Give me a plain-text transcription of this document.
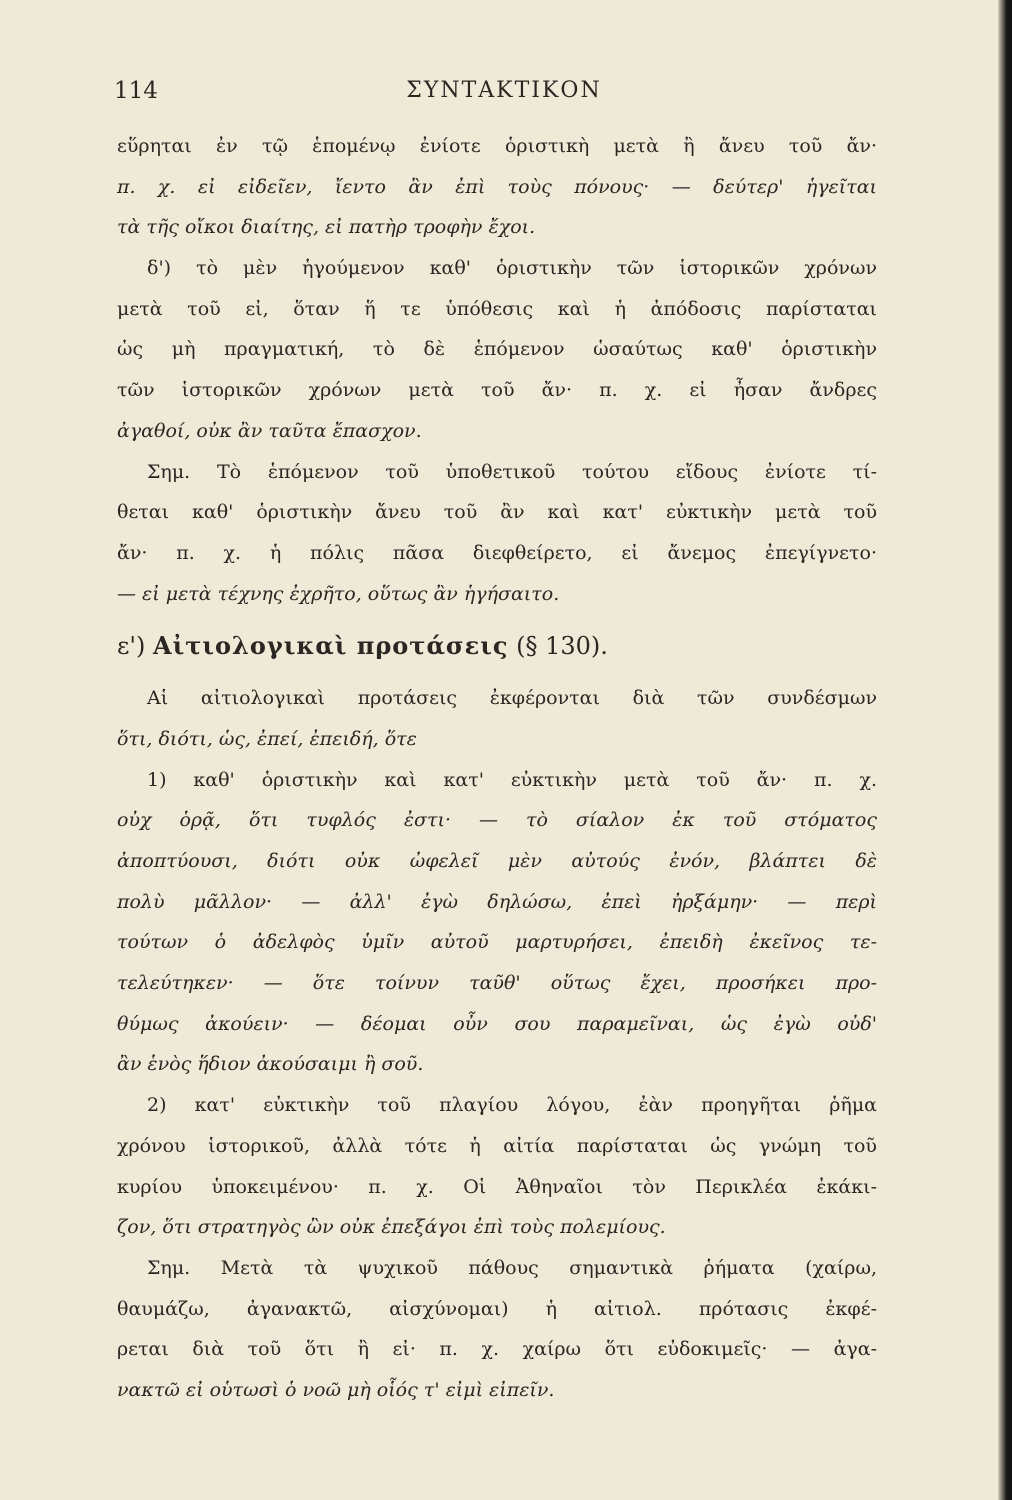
114	ΣΥΝΤΑΚΤΙΚΟΝ
εὕρηται ἐν τῷ ἑπομένῳ ἐνίοτε ὁριστικὴ μετὰ ἢ ἄνευ τοῦ ἄν·
π. χ. εἰ εἰδεῖεν, ἴεντο ἂν ἐπὶ τοὺς πόνους· — δεύτερ' ἡγεῖται
τὰ τῆς οἴκοι διαίτης, εἰ πατὴρ τροφὴν ἔχοι.
δ') τὸ μὲν ἡγούμενον καθ' ὁριστικὴν τῶν ἱστορικῶν χρόνων
μετὰ τοῦ εἰ, ὅταν ἥ τε ὑπόθεσις καὶ ἡ ἀπόδοσις παρίσταται
ὡς μὴ πραγματική, τὸ δὲ ἑπόμενον ὡσαύτως καθ' ὁριστικὴν
τῶν ἱστορικῶν χρόνων μετὰ τοῦ ἄν· π. χ. εἰ ἦσαν ἄνδρες
ἀγαθοί, οὐκ ἂν ταῦτα ἔπασχον.
Σημ. Τὸ ἑπόμενον τοῦ ὑποθετικοῦ τούτου εἴδους ἐνίοτε τί-
θεται καθ' ὁριστικὴν ἄνευ τοῦ ἂν καὶ κατ' εὐκτικὴν μετὰ τοῦ
ἄν· π. χ. ἡ πόλις πᾶσα διεφθείρετο, εἰ ἄνεμος ἐπεγίγνετο·
— εἰ μετὰ τέχνης ἐχρῆτο, οὕτως ἂν ἡγήσαιτο.
ε') Αἰτιολογικαὶ προτάσεις (§ 130).
Αἱ αἰτιολογικαὶ προτάσεις ἐκφέρονται διὰ τῶν συνδέσμων
ὅτι, διότι, ὡς, ἐπεί, ἐπειδή, ὅτε
1) καθ' ὁριστικὴν καὶ κατ' εὐκτικὴν μετὰ τοῦ ἄν· π. χ.
οὐχ ὁρᾷ, ὅτι τυφλός ἐστι· — τὸ σίαλον ἐκ τοῦ στόματος
ἀποπτύουσι, διότι οὐκ ὠφελεῖ μὲν αὐτούς ἐνόν, βλάπτει δὲ
πολὺ μᾶλλον· — ἀλλ' ἐγὼ δηλώσω, ἐπεὶ ἠρξάμην· — περὶ
τούτων ὁ ἀδελφὸς ὑμῖν αὐτοῦ μαρτυρήσει, ἐπειδὴ ἐκεῖνος τε-
τελεύτηκεν· — ὅτε τοίνυν ταῦθ' οὕτως ἔχει, προσήκει προ-
θύμως ἀκούειν· — δέομαι οὖν σου παραμεῖναι, ὡς ἐγὼ οὐδ'
ἂν ἑνὸς ἥδιον ἀκούσαιμι ἢ σοῦ.
2) κατ' εὐκτικὴν τοῦ πλαγίου λόγου, ἐὰν προηγῆται ῥῆμα
χρόνου ἱστορικοῦ, ἀλλὰ τότε ἡ αἰτία παρίσταται ὡς γνώμη τοῦ
κυρίου ὑποκειμένου· π. χ. Οἱ Ἀθηναῖοι τὸν Περικλέα ἐκάκι-
ζον, ὅτι στρατηγὸς ὢν οὐκ ἐπεξάγοι ἐπὶ τοὺς πολεμίους.
Σημ. Μετὰ τὰ ψυχικοῦ πάθους σημαντικὰ ῥήματα (χαίρω,
θαυμάζω, ἀγανακτῶ, αἰσχύνομαι) ἡ αἰτιολ. πρότασις ἐκφέ-
ρεται διὰ τοῦ ὅτι ἢ εἰ· π. χ. χαίρω ὅτι εὐδοκιμεῖς· — ἀγα-
νακτῶ εἰ οὑτωσὶ ὁ νοῶ μὴ οἷός τ' εἰμὶ εἰπεῖν.
